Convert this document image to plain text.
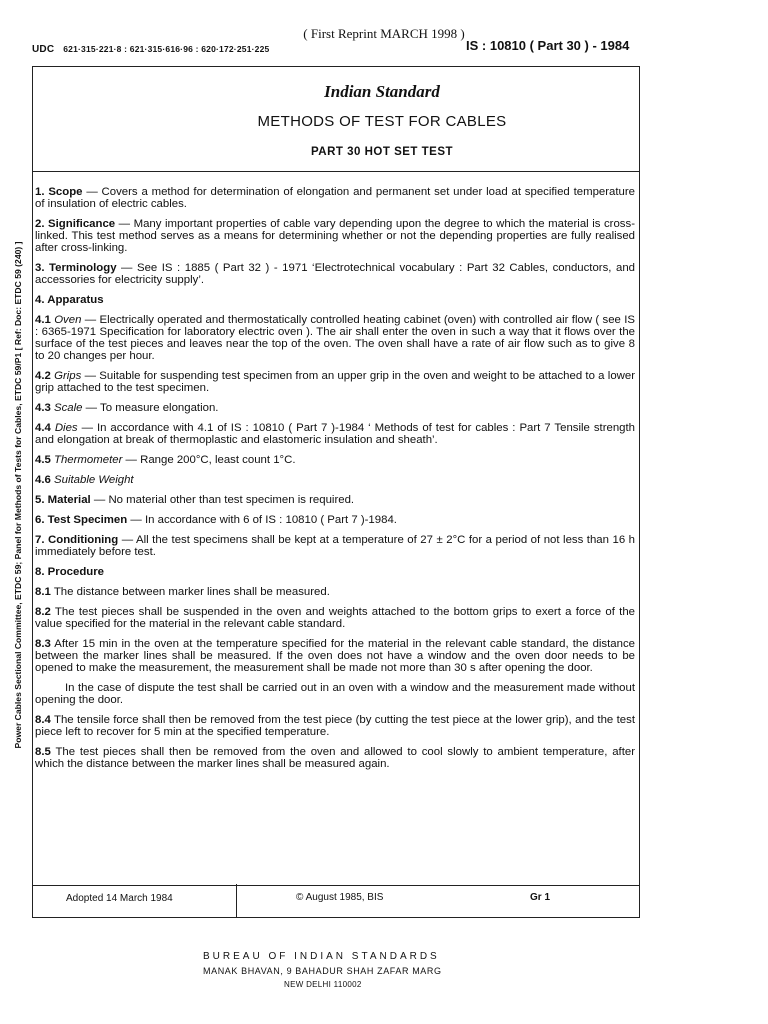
( First Reprint MARCH 1998 )
UDC 621·315·221·8 : 621·315·616·96 : 620·172·251·225	IS : 10810 ( Part 30 ) - 1984
Power Cables Sectional Committee, ETDC 59; Panel for Methods of Tests for Cables, ETDC 59/P1 [ Ref: Doc: ETDC 59 (240) ]
Indian Standard
METHODS OF TEST FOR CABLES
PART 30 HOT SET TEST

1. Scope — Covers a method for determination of elongation and permanent set under load at specified temperature of insulation of electric cables.

2. Significance — Many important properties of cable vary depending upon the degree to which the material is cross-linked. This test method serves as a means for determining whether or not the depending properties are fully realised after cross-linking.

3. Terminology — See IS : 1885 ( Part 32 ) - 1971 ‘Electrotechnical vocabulary : Part 32 Cables, conductors, and accessories for electricity supply’.

4. Apparatus

4.1 Oven — Electrically operated and thermostatically controlled heating cabinet (oven) with controlled air flow ( see IS : 6365-1971 Specification for laboratory electric oven ). The air shall enter the oven in such a way that it flows over the surface of the test pieces and leaves near the top of the oven. The oven shall have a rate of air flow such as to give 8 to 20 changes per hour.

4.2 Grips — Suitable for suspending test specimen from an upper grip in the oven and weight to be attached to a lower grip attached to the test specimen.

4.3 Scale — To measure elongation.

4.4 Dies — In accordance with 4.1 of IS : 10810 ( Part 7 )-1984 ‘ Methods of test for cables : Part 7 Tensile strength and elongation at break of thermoplastic and elastomeric insulation and sheath’.

4.5 Thermometer — Range 200°C, least count 1°C.

4.6 Suitable Weight

5. Material — No material other than test specimen is required.

6. Test Specimen — In accordance with 6 of IS : 10810 ( Part 7 )-1984.

7. Conditioning — All the test specimens shall be kept at a temperature of 27 ± 2°C for a period of not less than 16 h immediately before test.

8. Procedure

8.1 The distance between marker lines shall be measured.

8.2 The test pieces shall be suspended in the oven and weights attached to the bottom grips to exert a force of the value specified for the material in the relevant cable standard.

8.3 After 15 min in the oven at the temperature specified for the material in the relevant cable standard, the distance between the marker lines shall be measured. If the oven does not have a window and the oven door needs to be opened to make the measurement, the measurement shall be made not more than 30 s after opening the door.

In the case of dispute the test shall be carried out in an oven with a window and the measurement made without opening the door.

8.4 The tensile force shall then be removed from the test piece (by cutting the test piece at the lower grip), and the test piece left to recover for 5 min at the specified temperature.

8.5 The test pieces shall then be removed from the oven and allowed to cool slowly to ambient temperature, after which the distance between the marker lines shall be measured again.

Adopted 14 March 1984	© August 1985, BIS	Gr 1
BUREAU OF INDIAN STANDARDS
MANAK BHAVAN, 9 BAHADUR SHAH ZAFAR MARG
NEW DELHI 110002
